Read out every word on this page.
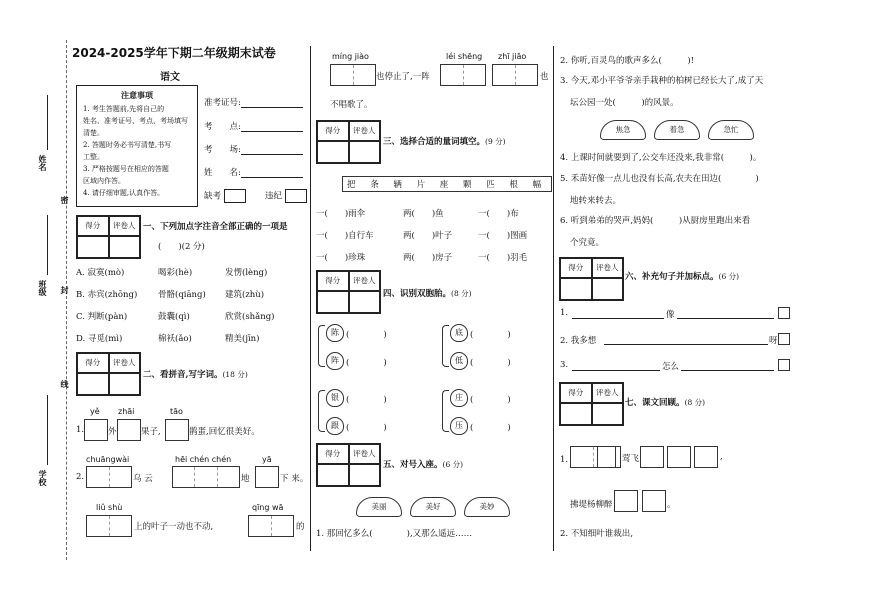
姓名
班级
学校
密
封
线
2024-2025学年下期二年级期末试卷
语文
注意事项
1. 考生答题前,先将自己的
姓名、准考证号、考点、考场填写
清楚。
2. 答题时务必书写清楚,书写
工整。
3. 严格按题号在相应的答题
区域内作答。
4. 请仔细审题,认真作答。
准考证号:
考　　点:
考　　场:
姓　　名:
缺考	违纪
得分	评卷人 一、下列加点字注音全部正确的一项是
(　　)(2 分)
A. 寂寞(mò)	喝彩(hè)	发愣(lèng)
B. 赤宾(zhōng) 骨骼(qiāng) 建筑(zhù)
C. 判断(pàn)	鼓囊(qì)	欣赏(shǎng)
D. 寻觅(mì)	棉袄(ǎo)	精美(jīn)
得分	评卷人
二、看拼音,写字词。(18 分)
yě zhāi	tāo
1.	外	果子,	鹊蛋,回忆很美好。
chuāngwài	hēi chén chén	yā
2.	乌 云	地	下 来。
liǔ shù	qīng wā
上的叶子一动也不动,	的
míng jiào	léi shēng zhī jiāo
也停止了,一阵	也
不唱歌了。
得分	评卷人
三、选择合适的量词填空。(9 分)
把 条 辆 片 座 颗 匹 根 幅
一(　　)雨伞	两(　　)鱼	一(　　)布
一(　　)自行车	两(　　)叶子	一(　　)图画
一(　　)珍珠	两(　　)房子	一(　　)羽毛
得分	评卷人
四、识别双胞胎。(8 分)
陈 (　　　　)
阵 (　　　　)
底 (　　　　)
低 (　　　　)
银 (　　　　)
跟 (　　　　)
庄 (　　　　)
压 (　　　　)
得分	评卷人
五、对号入座。(6 分)
美丽	美好	美妙
1. 那回忆多么(　　　　),又那么遥远……
2. 你听,百灵鸟的歌声多么(　　　)!
3. 今天,邓小平爷爷亲手栽种的柏树已经长大了,成了天
坛公园一处(　　　)的风景。
焦急	着急	急忙
4. 上课时间就要到了,公交车还没来,我非常(　　　)。
5. 禾苗好像一点儿也没有长高,农夫在田边(　　　　)
地转来转去。
6. 听到弟弟的哭声,妈妈(　　　)从厨房里跑出来看
个究竟。
得分	评卷人
六、补充句子并加标点。(6 分)
1.	像
2. 我多想	呀
3.	怎么
得分	评卷人
七、课文回顾。(8 分)
1.	莺飞	,
拂堤杨柳醉	。
2. 不知细叶谁裁出,
